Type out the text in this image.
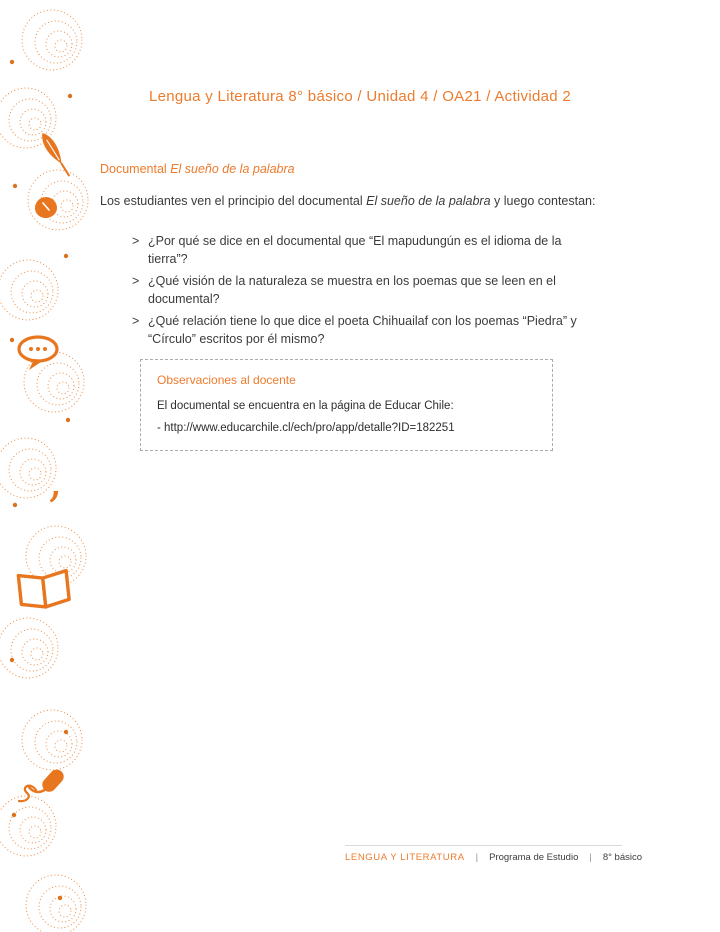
,
Lengua y Literatura 8° básico / Unidad 4 / OA21 / Actividad 2
Documental El sueño de la palabra

Los estudiantes ven el principio del documental El sueño de la palabra y luego contestan:

> ¿Por qué se dice en el documental que “El mapudungún es el idioma de la tierra”?
> ¿Qué visión de la naturaleza se muestra en los poemas que se leen en el documental?
> ¿Qué relación tiene lo que dice el poeta Chihuailaf con los poemas “Piedra” y “Círculo” escritos por él mismo?

Observaciones al docente

El documental se encuentra en la página de Educar Chile:

- http://www.educarchile.cl/ech/pro/app/detalle?ID=182251

LENGUA Y LITERATURA | Programa de Estudio | 8° básico
